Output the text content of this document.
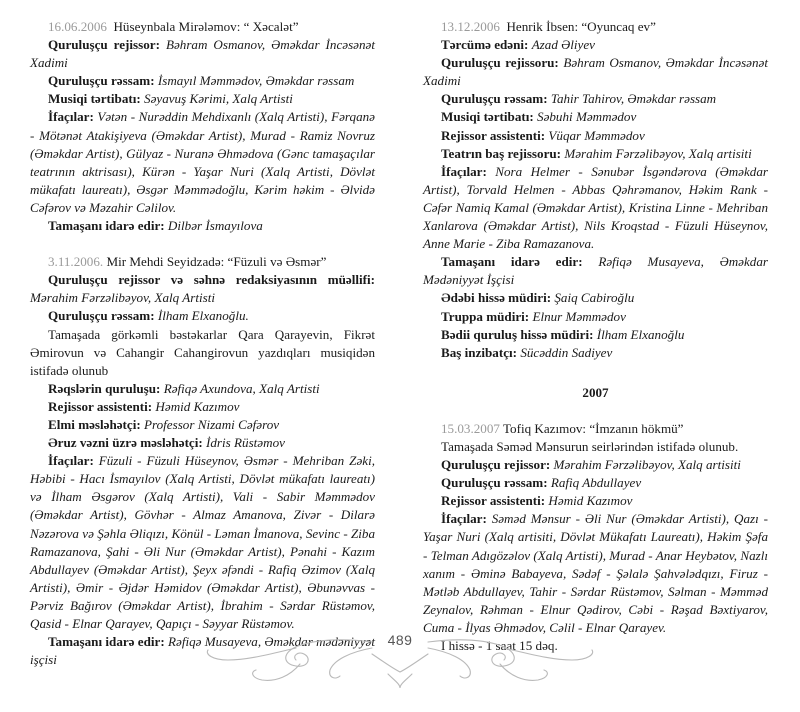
16.06.2006 Hüseynbala Mirələmov: “ Xəcalət”

Quruluşçu rejissor: Bəhram Osmanov, Əməkdar İncəsənət Xadimi

Quruluşçu rəssam: İsmayıl Məmmədov, Əməkdar rəssam

Musiqi tərtibatı: Səyavuş Kərimi, Xalq Artisti

İfaçılar: Vətən - Nurəddin Mehdixanlı (Xalq Artisti), Fərqanə - Mötənət Atakişiyeva (Əməkdar Artist), Murad - Ramiz Novruz (Əməkdar Artist), Gülyaz - Nuranə Əhmədova (Gənc tamaşaçılar teatrının aktrisası), Kürən - Yaşar Nuri (Xalq Artisti, Dövlət mükafatı laureatı), Əsgər Məmmədoğlu, Kərim həkim - Əlvidə Cəfərov və Məzahir Cəlilov.

Tamaşanı idarə edir: Dilbər İsmayılova

3.11.2006. Mir Mehdi Seyidzadə: “Füzuli və Əsmər”

Quruluşçu rejissor və səhnə redaksiyasının müəllifi: Mərahim Fərzəlibəyov, Xalq Artisti

Quruluşçu rəssam: İlham Elxanoğlu.

Tamaşada görkəmli bəstəkarlar Qara Qarayevin, Fikrət Əmirovun və Cahangir Cahangirovun yazdıqları musiqidən istifadə olunub

Rəqslərin quruluşu: Rəfiqə Axundova, Xalq Artisti

Rejissor assistenti: Həmid Kazımov

Elmi məsləhətçi: Professor Nizami Cəfərov

Əruz vəzni üzrə məsləhətçi: İdris Rüstəmov

İfaçılar: Füzuli - Füzuli Hüseynov, Əsmər - Mehriban Zəki, Həbibi - Hacı İsmayılov (Xalq Artisti, Dövlət mükafatı laureatı) və İlham Əsgərov (Xalq Artisti), Vali - Sabir Məmmədov (Əməkdar Artist), Gövhər - Almaz Amanova, Zivər - Dilarə Nəzərova və Şəhla Əliqızı, Könül - Ləman İmanova, Sevinc - Ziba Ramazanova, Şahi - Əli Nur (Əməkdar Artist), Pənahi - Kazım Abdullayev (Əməkdar Artist), Şeyx əfəndi - Rafiq Əzimov (Xalq Artisti), Əmir - Əjdər Həmidov (Əməkdar Artist), Əbunəvvas - Pərviz Bağırov (Əməkdar Artist), İbrahim - Sərdar Rüstəmov, Qasid - Elnar Qarayev, Qapıçı - Səyyar Rüstəmov.

Tamaşanı idarə edir: Rəfiqə Musayeva, Əməkdar mədəniyyət işçisi

13.12.2006 Henrik İbsen: “Oyuncaq ev”

Tərcümə edəni: Azad Əliyev

Quruluşçu rejissoru: Bəhram Osmanov, Əməkdar İncəsənət Xadimi

Quruluşçu rəssam: Tahir Tahirov, Əməkdar rəssam

Musiqi tərtibatı: Səbuhi Məmmədov

Rejissor assistenti: Vüqar Məmmədov

Teatrın baş rejissoru: Mərahim Fərzəlibəyov, Xalq artisiti

İfaçılar: Nora Helmer - Sənubər İsgəndərova (Əməkdar Artist), Torvald Helmen - Abbas Qəhrəmanov, Həkim Rank - Cəfər Namiq Kamal (Əməkdar Artist), Kristina Linne - Mehriban Xanlarova (Əməkdar Artist), Nils Kroqstad - Füzuli Hüseynov, Anne Marie - Ziba Ramazanova.

Tamaşanı idarə edir: Rəfiqə Musayeva, Əməkdar Mədəniyyət İşçisi

Ədəbi hissə müdiri: Şaiq Cabiroğlu

Truppa müdiri: Elnur Məmmədov

Bədii quruluş hissə müdiri: İlham Elxanoğlu

Baş inzibatçı: Sücəddin Sadiyev

2007

15.03.2007 Tofiq Kazımov: “İmzanın hökmü”

Tamaşada Səməd Mənsurun seirlərindən istifadə olunub.

Quruluşçu rejissor: Mərahim Fərzəlibəyov, Xalq artisiti

Quruluşçu rəssam: Rafiq Abdullayev

Rejissor assistenti: Həmid Kazımov

İfaçılar: Səməd Mənsur - Əli Nur (Əməkdar Artisti), Qazı - Yaşar Nuri (Xalq artisiti, Dövlət Mükafatı Laureatı), Həkim Şəfa - Telman Adıgözəlov (Xalq Artisti), Murad - Anar Heybətov, Nazlı xanım - Əminə Babayeva, Sədəf - Şəlalə Şahvələdqızı, Firuz - Mətləb Abdullayev, Tahir - Sərdar Rüstəmov, Səlman - Məmməd Zeynalov, Rəhman - Elnur Qədirov, Cəbi - Rəşad Bəxtiyarov, Cuma - İlyas Əhmədov, Cəlil - Elnar Qarayev.

I hissə - 1 saat 15 dəq.

489
